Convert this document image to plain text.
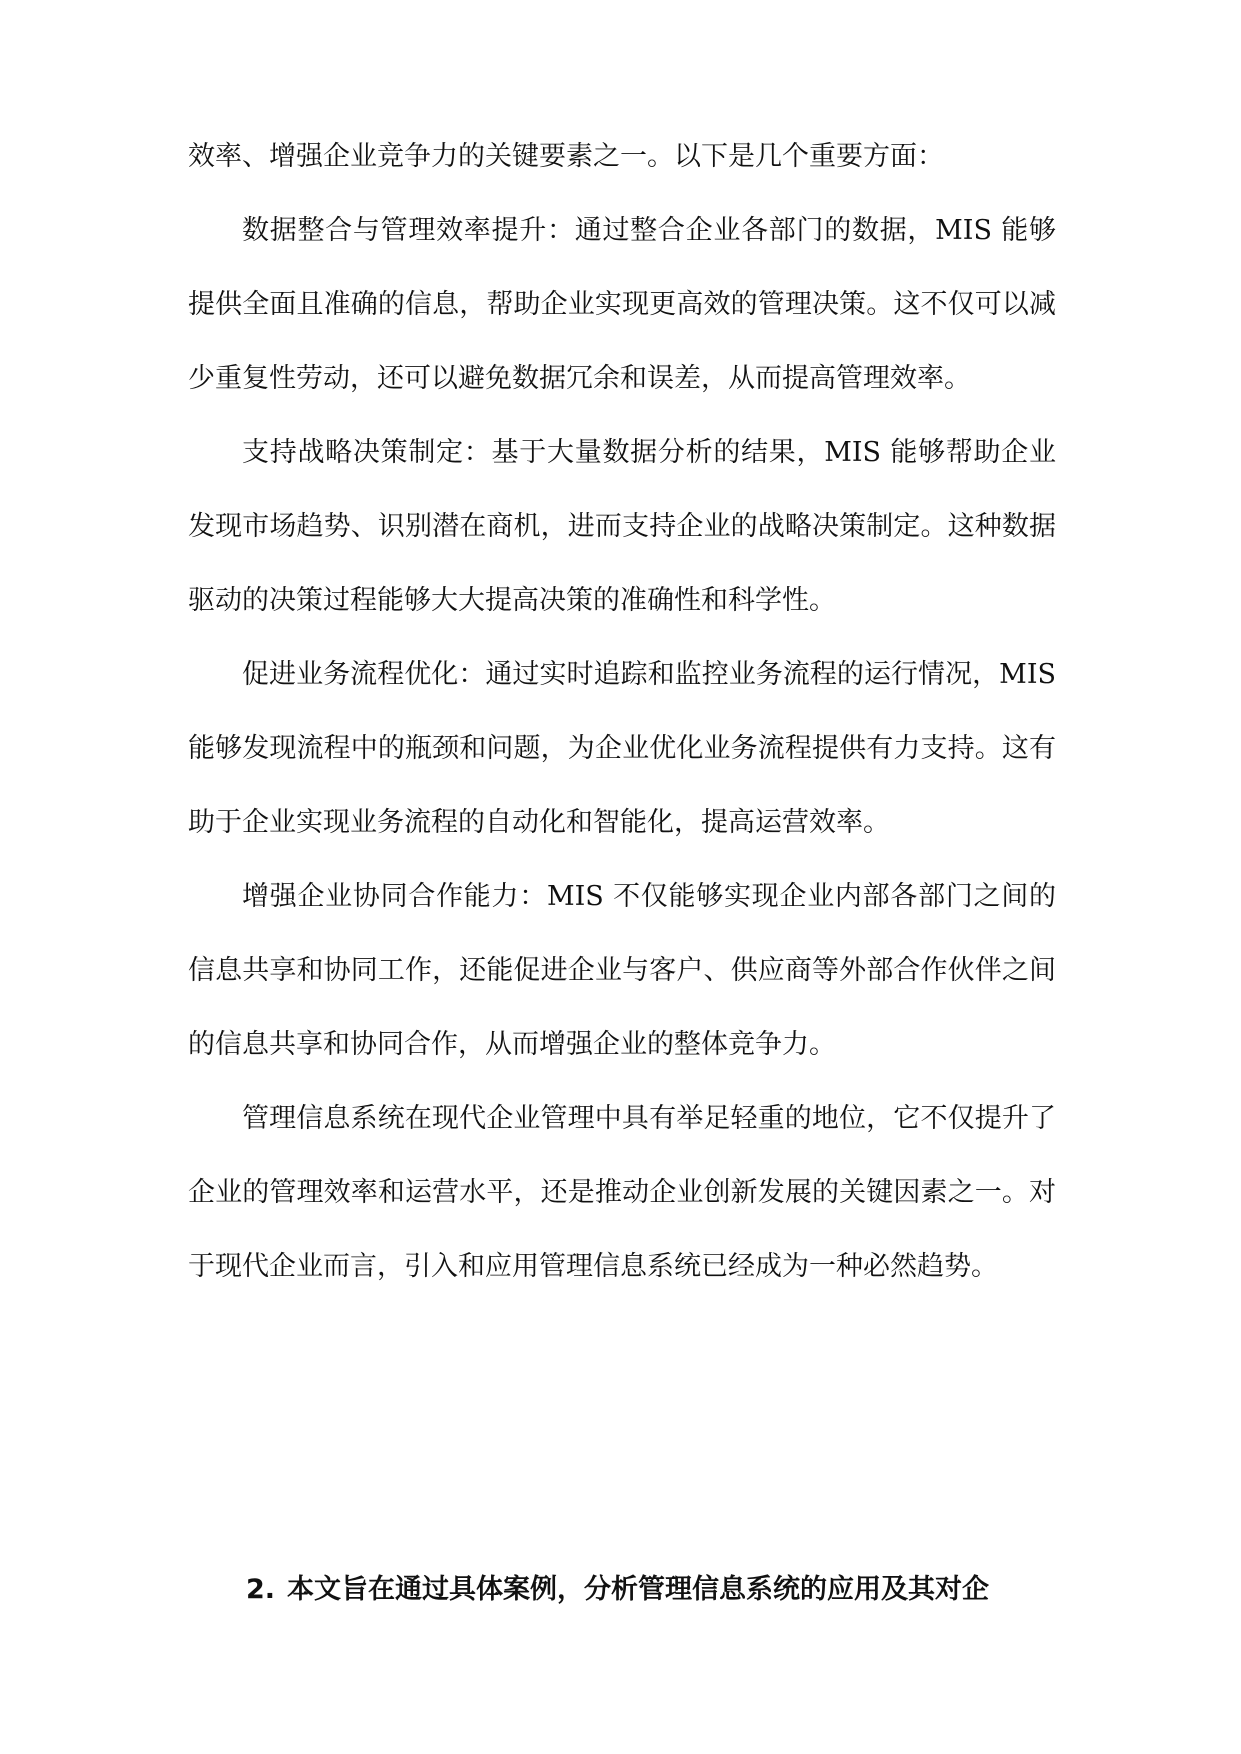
效率、增强企业竞争力的关键要素之一。以下是几个重要方面：

数据整合与管理效率提升：通过整合企业各部门的数据，MIS 能够提供全面且准确的信息，帮助企业实现更高效的管理决策。这不仅可以减少重复性劳动，还可以避免数据冗余和误差，从而提高管理效率。

支持战略决策制定：基于大量数据分析的结果，MIS 能够帮助企业发现市场趋势、识别潜在商机，进而支持企业的战略决策制定。这种数据驱动的决策过程能够大大提高决策的准确性和科学性。

促进业务流程优化：通过实时追踪和监控业务流程的运行情况，MIS 能够发现流程中的瓶颈和问题，为企业优化业务流程提供有力支持。这有助于企业实现业务流程的自动化和智能化，提高运营效率。

增强企业协同合作能力：MIS 不仅能够实现企业内部各部门之间的信息共享和协同工作，还能促进企业与客户、供应商等外部合作伙伴之间的信息共享和协同合作，从而增强企业的整体竞争力。

管理信息系统在现代企业管理中具有举足轻重的地位，它不仅提升了企业的管理效率和运营水平，还是推动企业创新发展的关键因素之一。对于现代企业而言，引入和应用管理信息系统已经成为一种必然趋势。

2. 本文旨在通过具体案例，分析管理信息系统的应用及其对企
